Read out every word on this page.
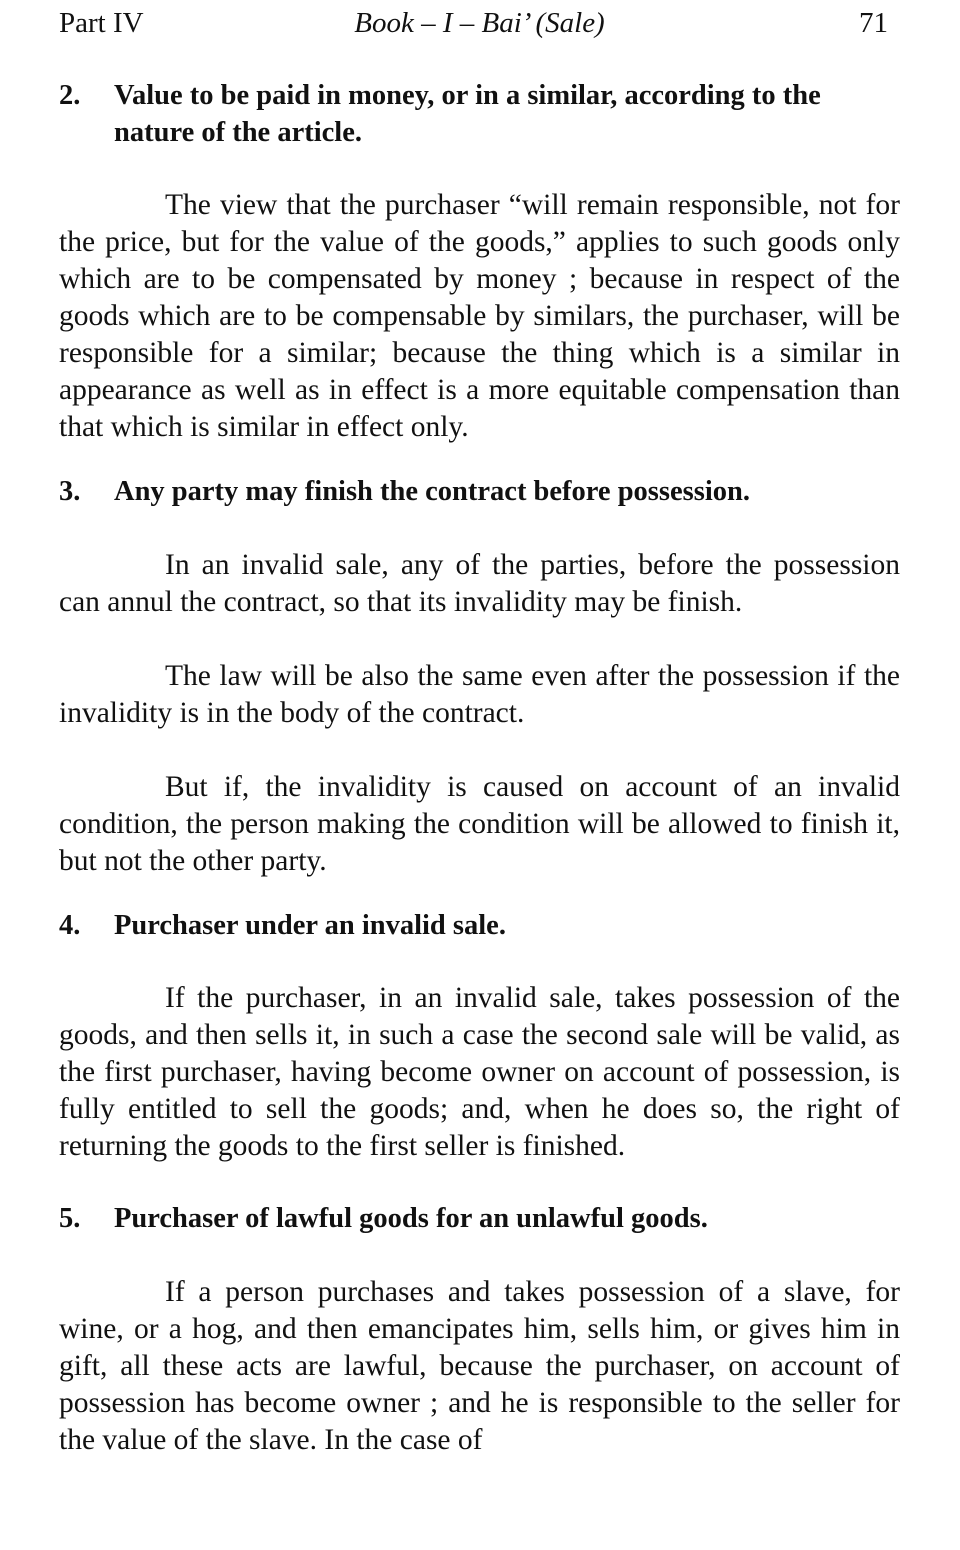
Part IV	Book – I – Bai’ (Sale)	71
2.	Value to be paid in money, or in a similar, according to the nature of the article.

The view that the purchaser “will remain responsible, not for the price, but for the value of the goods,” applies to such goods only which are to be compensated by money ; because in respect of the goods which are to be compensable by similars, the purchaser, will be responsible for a similar; because the thing which is a similar in appearance as well as in effect is a more equitable compensation than that which is similar in effect only.

3.	Any party may finish the contract before possession.

In an invalid sale, any of the parties, before the possession can annul the contract, so that its invalidity may be finish.

The law will be also the same even after the possession if the invalidity is in the body of the contract.

But if, the invalidity is caused on account of an invalid condition, the person making the condition will be allowed to finish it, but not the other party.

4.	Purchaser under an invalid sale.

If the purchaser, in an invalid sale, takes possession of the goods, and then sells it, in such a case the second sale will be valid, as the first purchaser, having become owner on account of possession, is fully entitled to sell the goods; and, when he does so, the right of returning the goods to the first seller is finished.

5.	Purchaser of lawful goods for an unlawful goods.

If a person purchases and takes possession of a slave, for wine, or a hog, and then emancipates him, sells him, or gives him in gift, all these acts are lawful, because the purchaser, on account of possession has become owner ; and he is responsible to the seller for the value of the slave. In the case of
